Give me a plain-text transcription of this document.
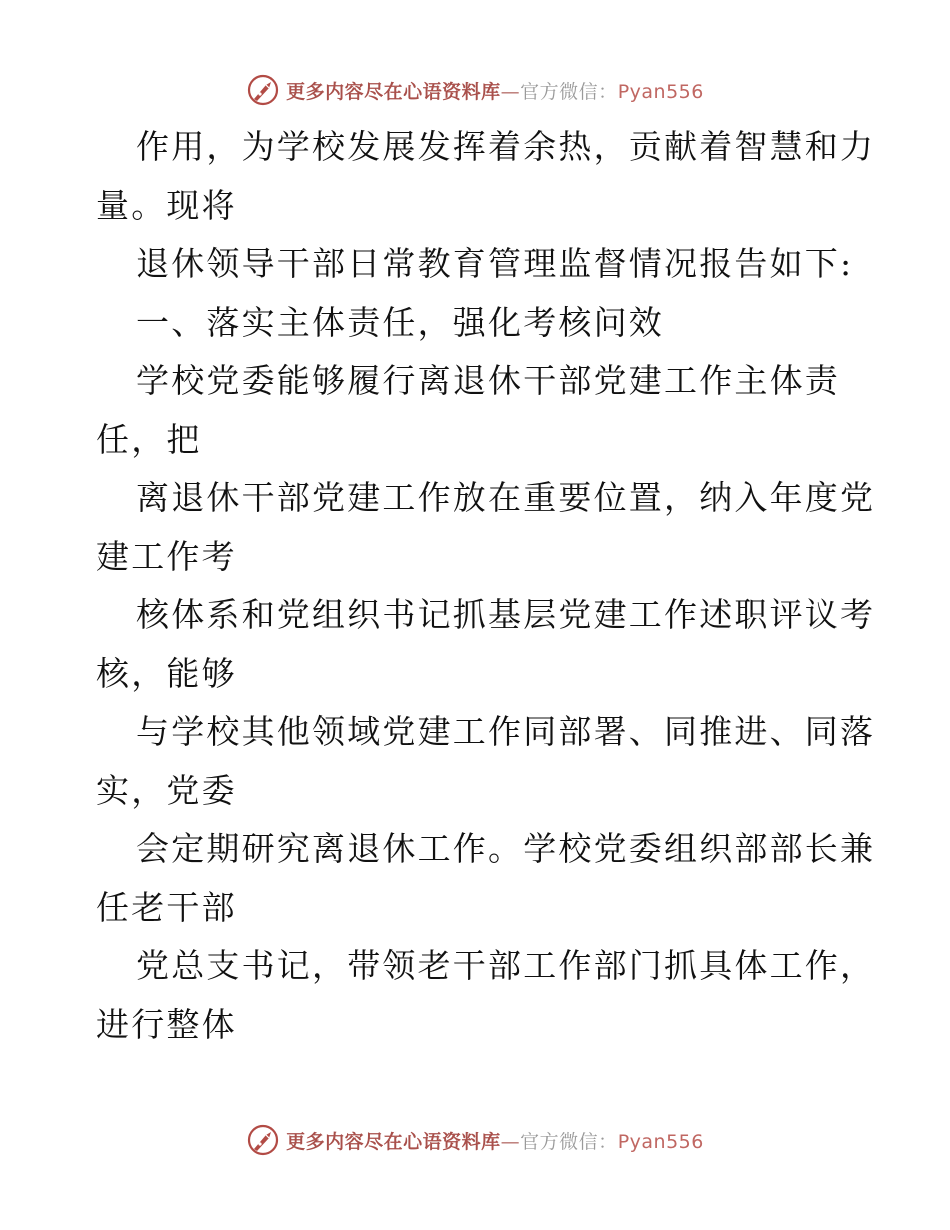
更多内容尽在心语资料库—官方微信：Pyan556
作用，为学校发展发挥着余热，贡献着智慧和力
量。现将
退休领导干部日常教育管理监督情况报告如下:
一、落实主体责任，强化考核问效
学校党委能够履行离退休干部党建工作主体责
任，把
离退休干部党建工作放在重要位置，纳入年度党
建工作考
核体系和党组织书记抓基层党建工作述职评议考
核，能够
与学校其他领域党建工作同部署、同推进、同落
实，党委
会定期研究离退休工作。学校党委组织部部长兼
任老干部
党总支书记，带领老干部工作部门抓具体工作，
进行整体
更多内容尽在心语资料库—官方微信：Pyan556
